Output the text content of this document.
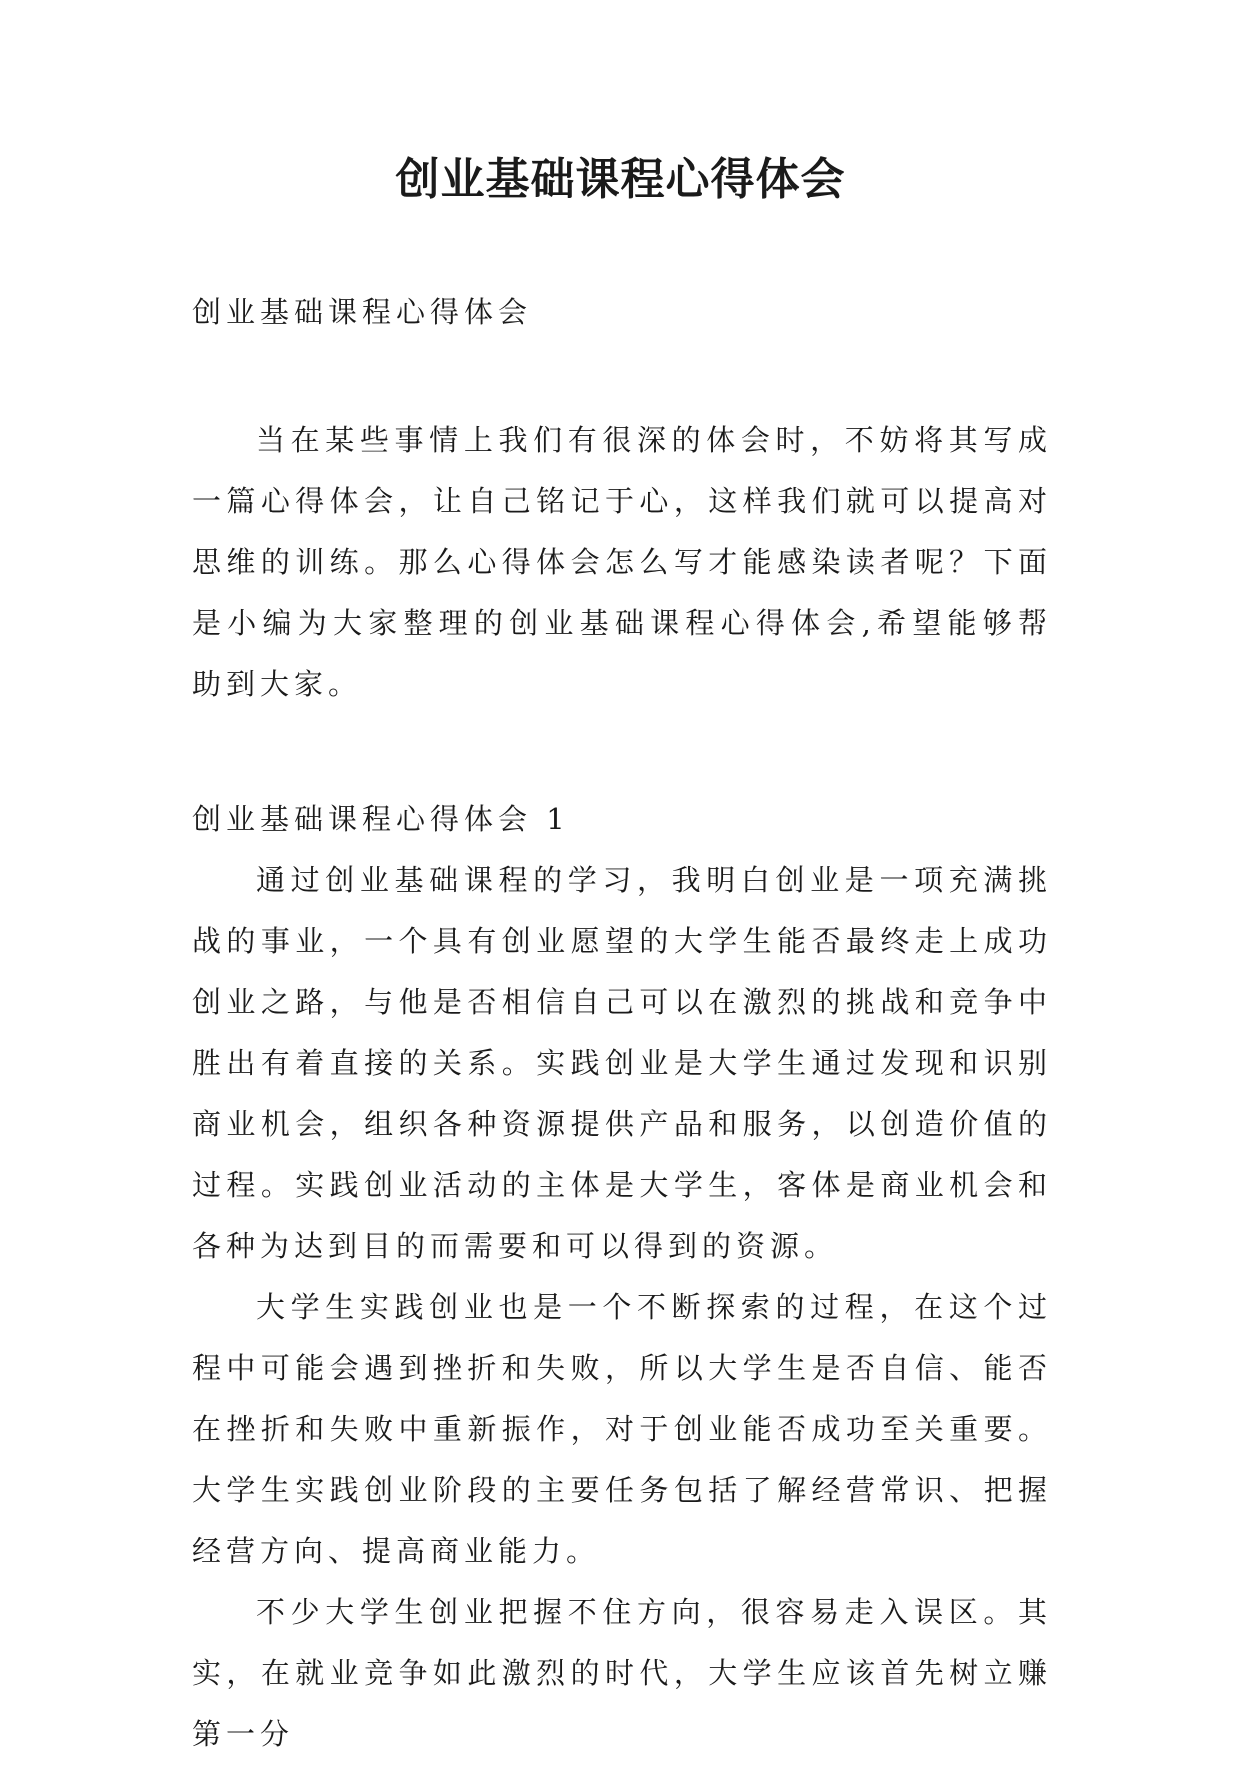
创业基础课程心得体会
创业基础课程心得体会

当在某些事情上我们有很深的体会时，不妨将其写成一篇心得体会，让自己铭记于心，这样我们就可以提高对思维的训练。那么心得体会怎么写才能感染读者呢？下面是小编为大家整理的创业基础课程心得体会,希望能够帮助到大家。

创业基础课程心得体会 1

通过创业基础课程的学习，我明白创业是一项充满挑战的事业，一个具有创业愿望的大学生能否最终走上成功创业之路，与他是否相信自己可以在激烈的挑战和竞争中胜出有着直接的关系。实践创业是大学生通过发现和识别商业机会，组织各种资源提供产品和服务，以创造价值的过程。实践创业活动的主体是大学生，客体是商业机会和各种为达到目的而需要和可以得到的资源。

大学生实践创业也是一个不断探索的过程，在这个过程中可能会遇到挫折和失败，所以大学生是否自信、能否在挫折和失败中重新振作，对于创业能否成功至关重要。大学生实践创业阶段的主要任务包括了解经营常识、把握经营方向、提高商业能力。

不少大学生创业把握不住方向，很容易走入误区。其实，在就业竞争如此激烈的时代，大学生应该首先树立赚第一分
